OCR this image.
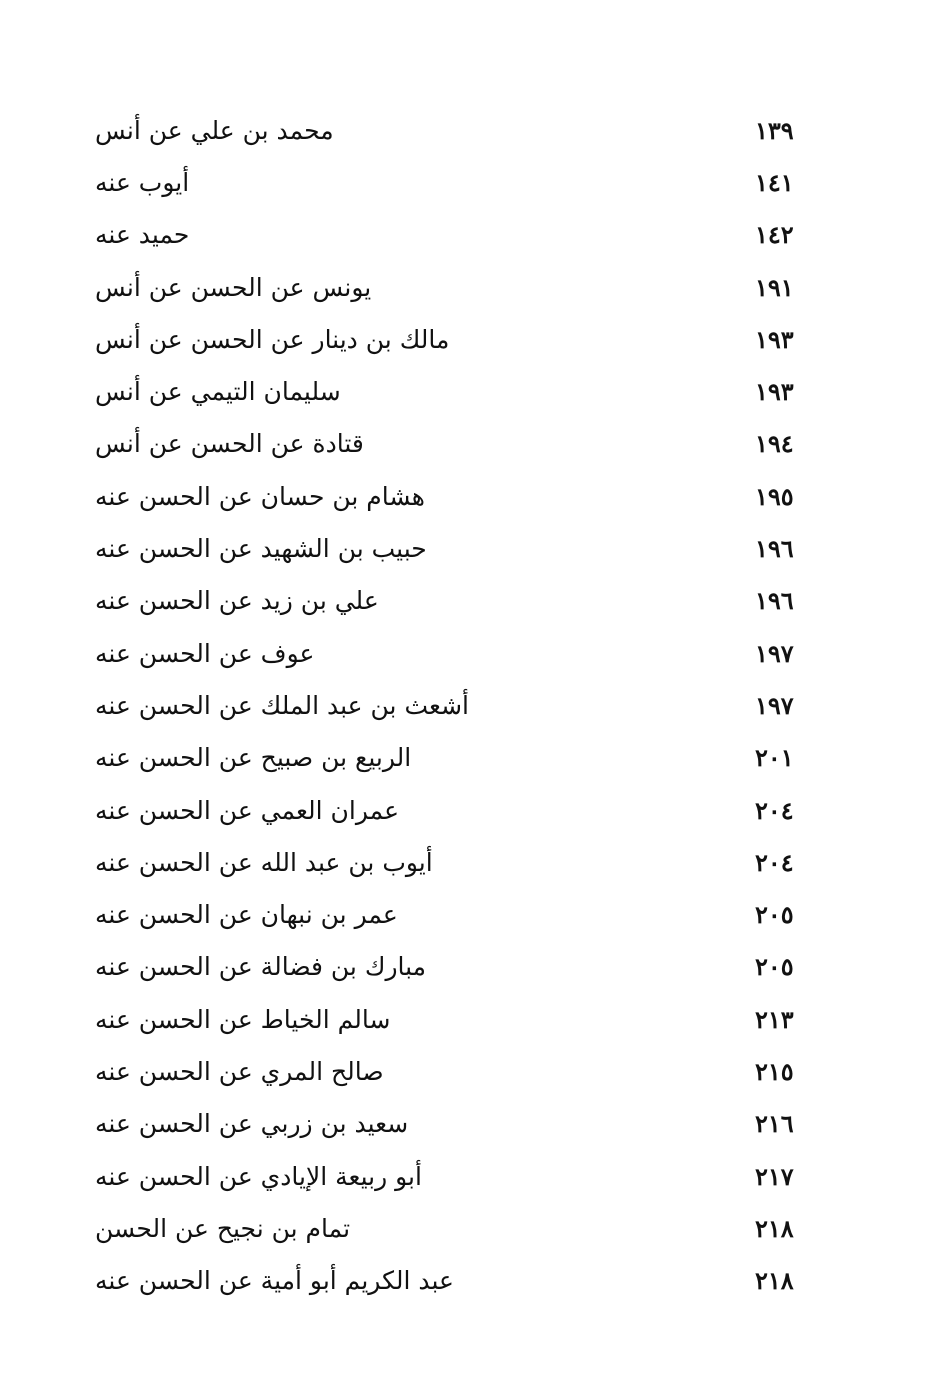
محمد بن علي عن أنس	١٣٩
أيوب عنه	١٤١
حميد عنه	١٤٢
يونس عن الحسن عن أنس	١٩١
مالك بن دينار عن الحسن عن أنس	١٩٣
سليمان التيمي عن أنس	١٩٣
قتادة عن الحسن عن أنس	١٩٤
هشام بن حسان عن الحسن عنه	١٩٥
حبيب بن الشهيد عن الحسن عنه	١٩٦
علي بن زيد عن الحسن عنه	١٩٦
عوف عن الحسن عنه	١٩٧
أشعث بن عبد الملك عن الحسن عنه	١٩٧
الربيع بن صبيح عن الحسن عنه	٢٠١
عمران العمي عن الحسن عنه	٢٠٤
أيوب بن عبد الله عن الحسن عنه	٢٠٤
عمر بن نبهان عن الحسن عنه	٢٠٥
مبارك بن فضالة عن الحسن عنه	٢٠٥
سالم الخياط عن الحسن عنه	٢١٣
صالح المري عن الحسن عنه	٢١٥
سعيد بن زربي عن الحسن عنه	٢١٦
أبو ربيعة الإيادي عن الحسن عنه	٢١٧
تمام بن نجيح عن الحسن	٢١٨
عبد الكريم أبو أمية عن الحسن عنه	٢١٨
